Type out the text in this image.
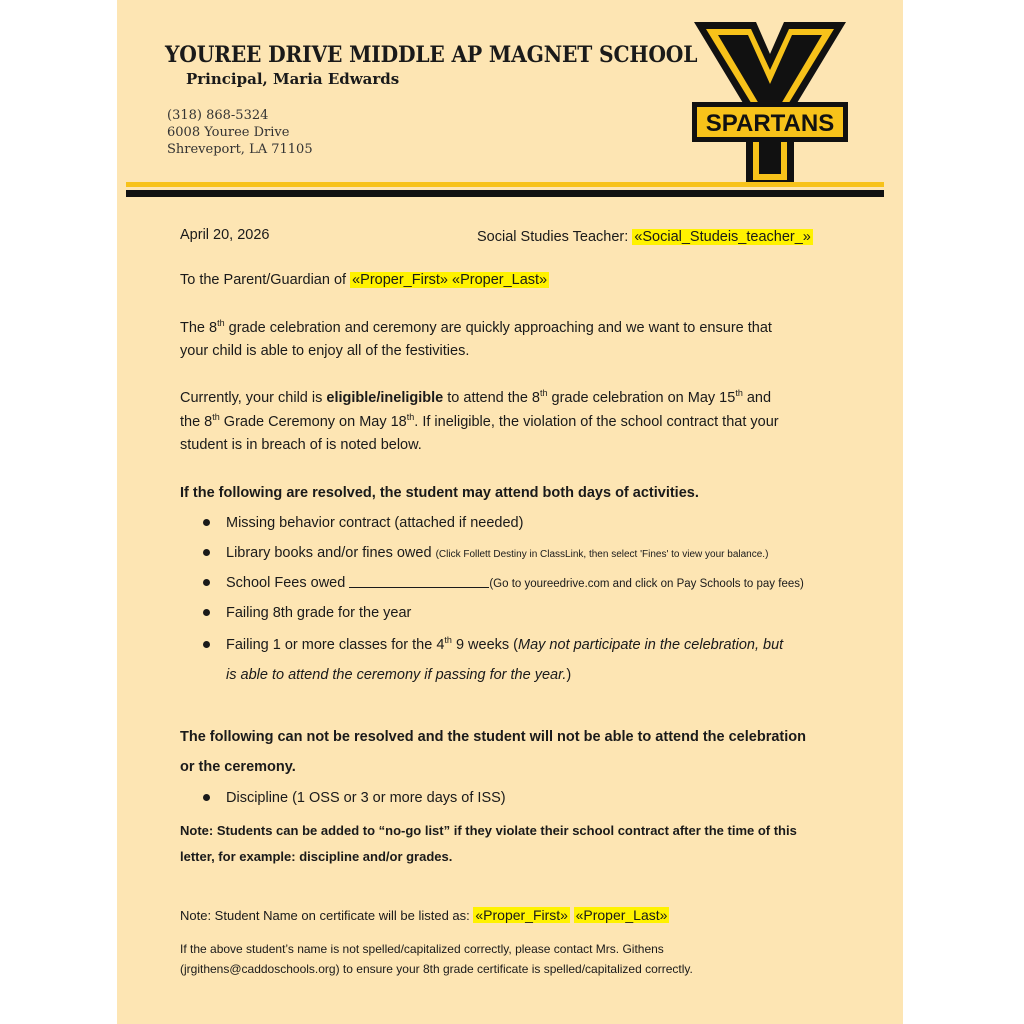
YOUREE DRIVE MIDDLE AP MAGNET SCHOOL
Principal, Maria Edwards
(318) 868-5324
6008 Youree Drive
Shreveport, LA 71105
SPARTANS
April 20, 2026	Social Studies Teacher: «Social_Studeis_teacher_»
To the Parent/Guardian of «Proper_First» «Proper_Last»
The 8th grade celebration and ceremony are quickly approaching and we want to ensure that
your child is able to enjoy all of the festivities.
Currently, your child is eligible/ineligible to attend the 8th grade celebration on May 15th and
the 8th Grade Ceremony on May 18th. If ineligible, the violation of the school contract that your
student is in breach of is noted below.
If the following are resolved, the student may attend both days of activities.
Missing behavior contract (attached if needed)
Library books and/or fines owed (Click Follett Destiny in ClassLink, then select 'Fines' to view your balance.)
School Fees owed	(Go to youreedrive.com and click on Pay Schools to pay fees)
Failing 8th grade for the year
Failing 1 or more classes for the 4th 9 weeks (May not participate in the celebration, but
is able to attend the ceremony if passing for the year.)
The following can not be resolved and the student will not be able to attend the celebration
or the ceremony.
Discipline (1 OSS or 3 or more days of ISS)
Note: Students can be added to “no-go list” if they violate their school contract after the time of this
letter, for example: discipline and/or grades.
Note: Student Name on certificate will be listed as: «Proper_First» «Proper_Last»
If the above student’s name is not spelled/capitalized correctly, please contact Mrs. Githens
(jrgithens@caddoschools.org) to ensure your 8th grade certificate is spelled/capitalized correctly.
